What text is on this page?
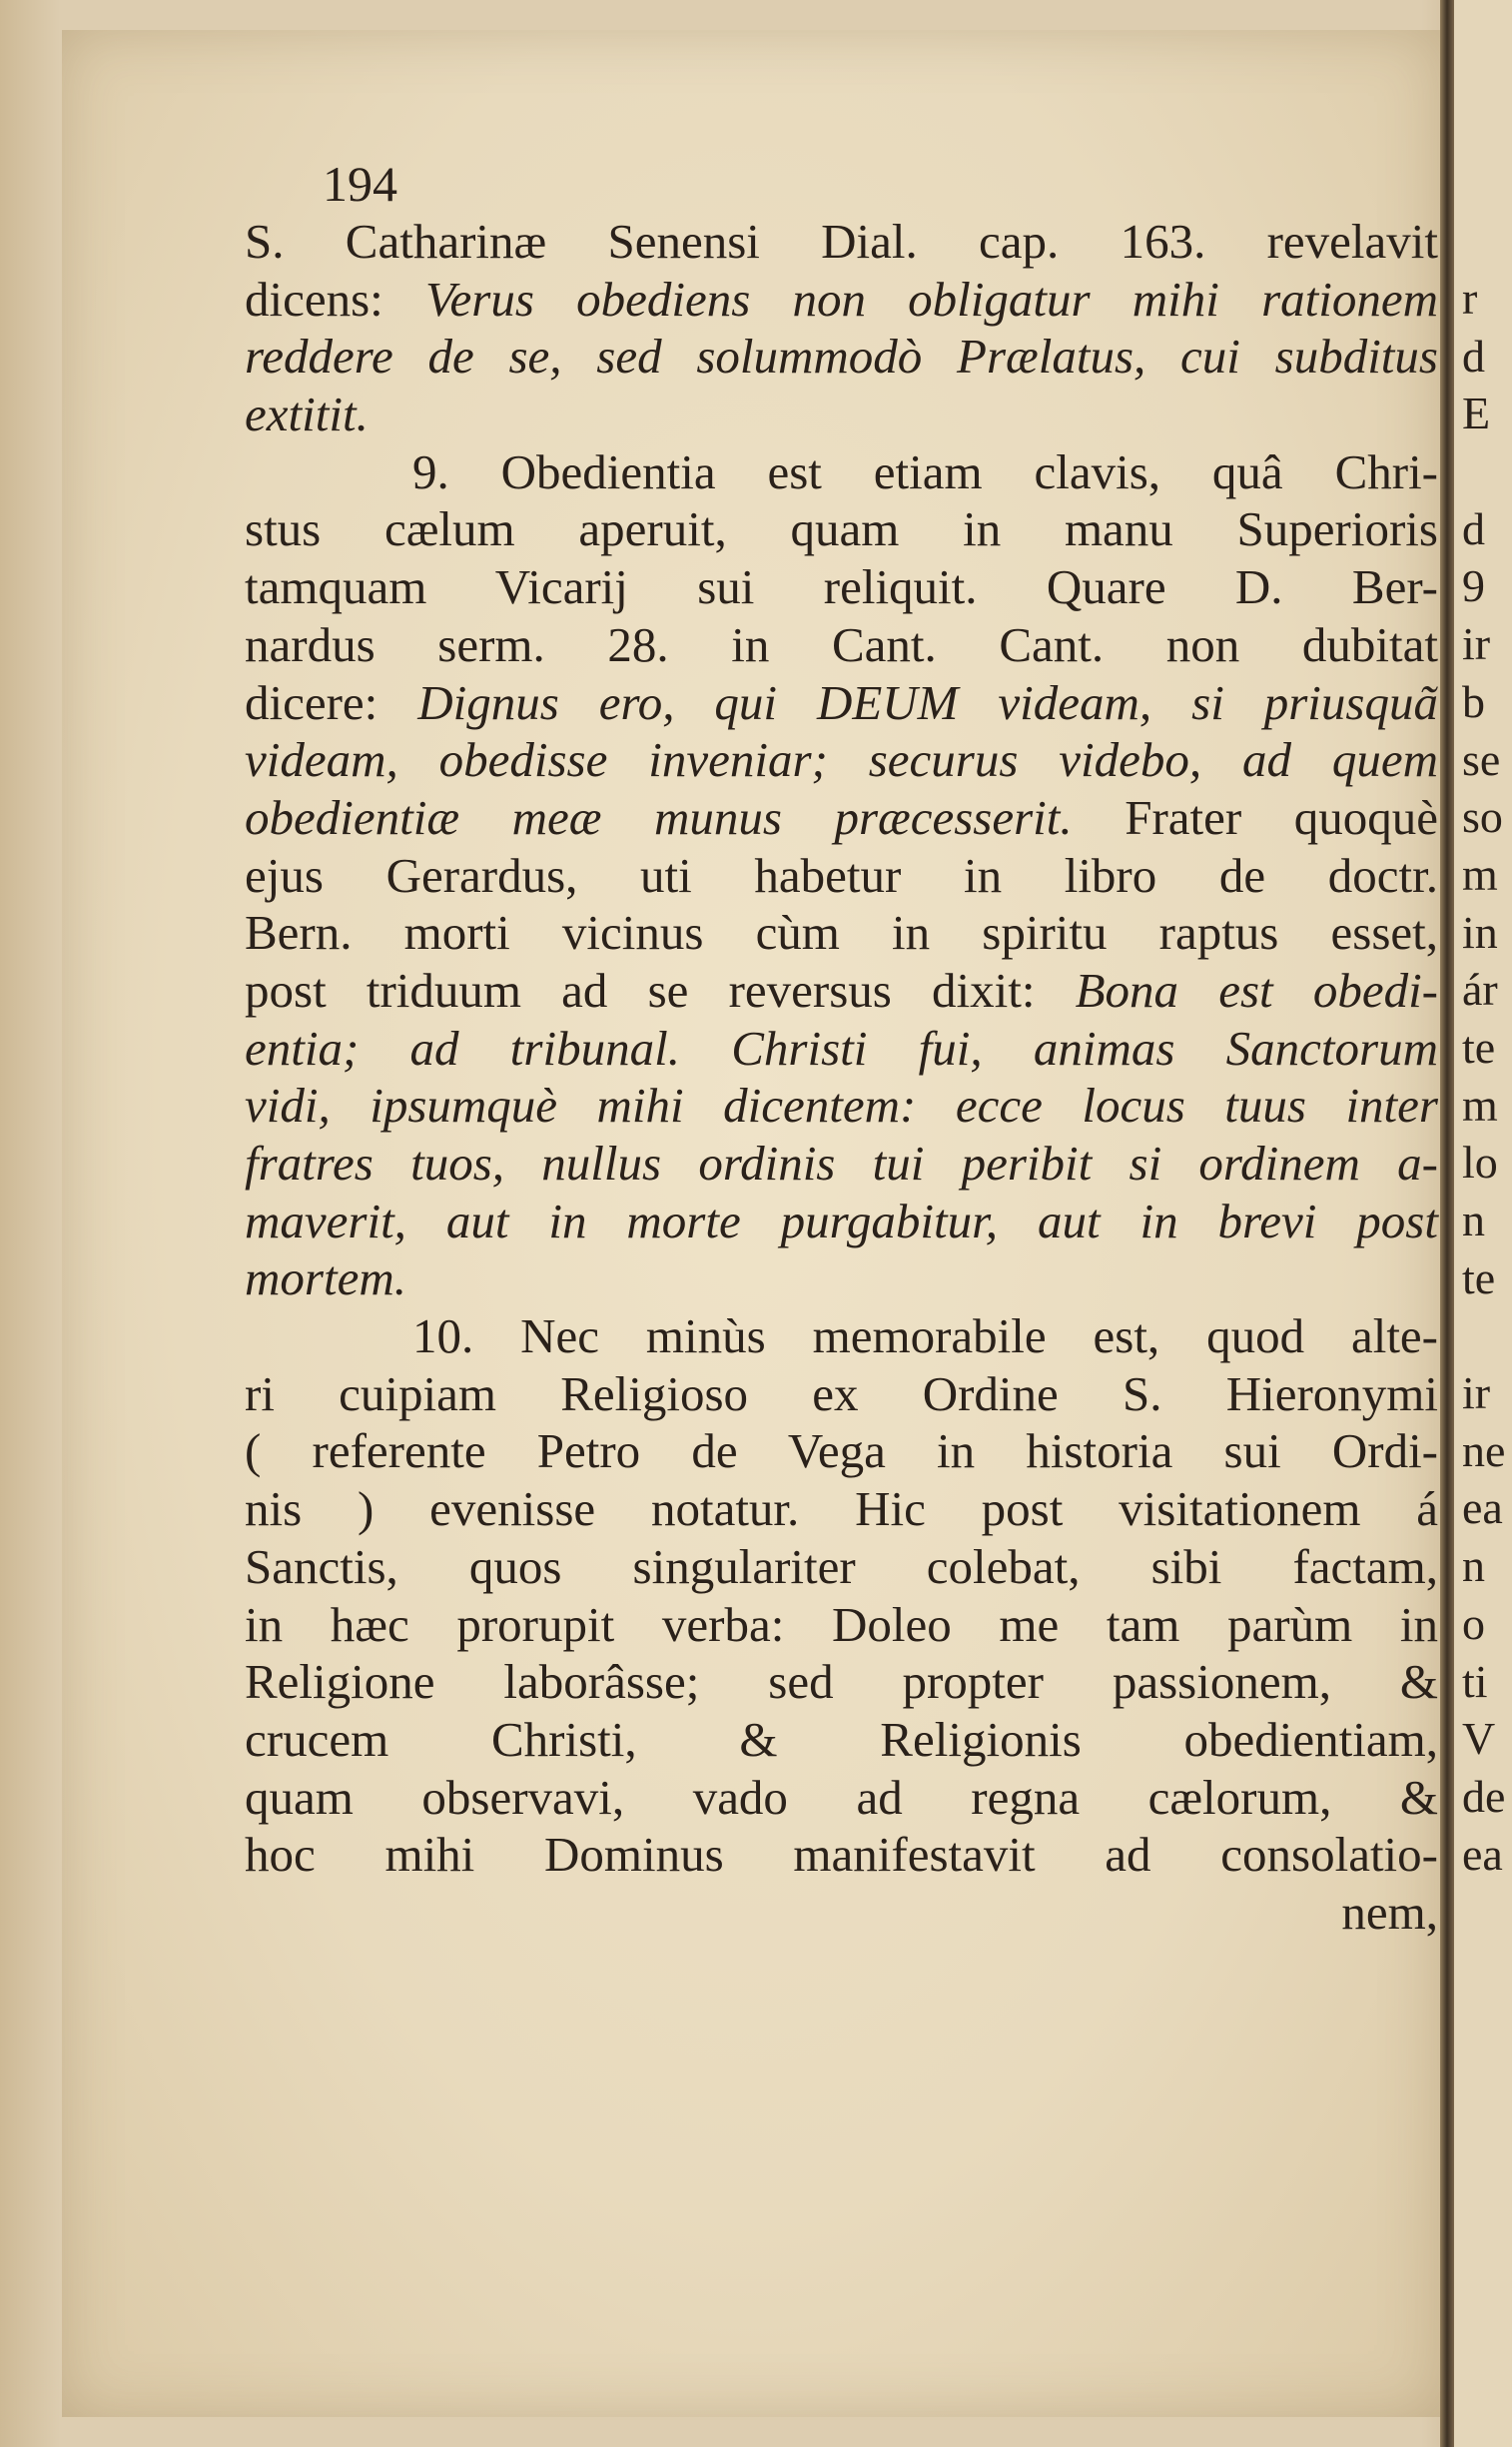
194
S. Catharinæ Senensi Dial. cap. 163. revelavit
dicens: Verus obediens non obligatur mihi rationem
reddere de se, sed solummodò Prælatus, cui subditus
extitit.
9. Obedientia est etiam clavis, quâ Chri-
stus cælum aperuit, quam in manu Superioris
tamquam Vicarij sui reliquit. Quare D. Ber-
nardus serm. 28. in Cant. Cant. non dubitat
dicere: Dignus ero, qui DEUM videam, si priusquã
videam, obedisse inveniar; securus videbo, ad quem
obedientiæ meæ munus præcesserit. Frater quoquè
ejus Gerardus, uti habetur in libro de doctr.
Bern. morti vicinus cùm in spiritu raptus esset,
post triduum ad se reversus dixit: Bona est obedi-
entia; ad tribunal. Christi fui, animas Sanctorum
vidi, ipsumquè mihi dicentem: ecce locus tuus inter
fratres tuos, nullus ordinis tui peribit si ordinem a-
maverit, aut in morte purgabitur, aut in brevi post
mortem.
10. Nec minùs memorabile est, quod alte-
ri cuipiam Religioso ex Ordine S. Hieronymi
( referente Petro de Vega in historia sui Ordi-
nis ) evenisse notatur. Hic post visitationem á
Sanctis, quos singulariter colebat, sibi factam,
in hæc prorupit verba: Doleo me tam parùm in
Religione laborâsse; sed propter passionem, &
crucem Christi, & Religionis obedientiam,
quam observavi, vado ad regna cælorum, &
hoc mihi Dominus manifestavit ad consolatio-
nem,
r
d
E
d
9
ir
b
se
so
m
in
ár
te
m
lo
n
te
ir
ne
ea
n
o
ti
V
de
ea
